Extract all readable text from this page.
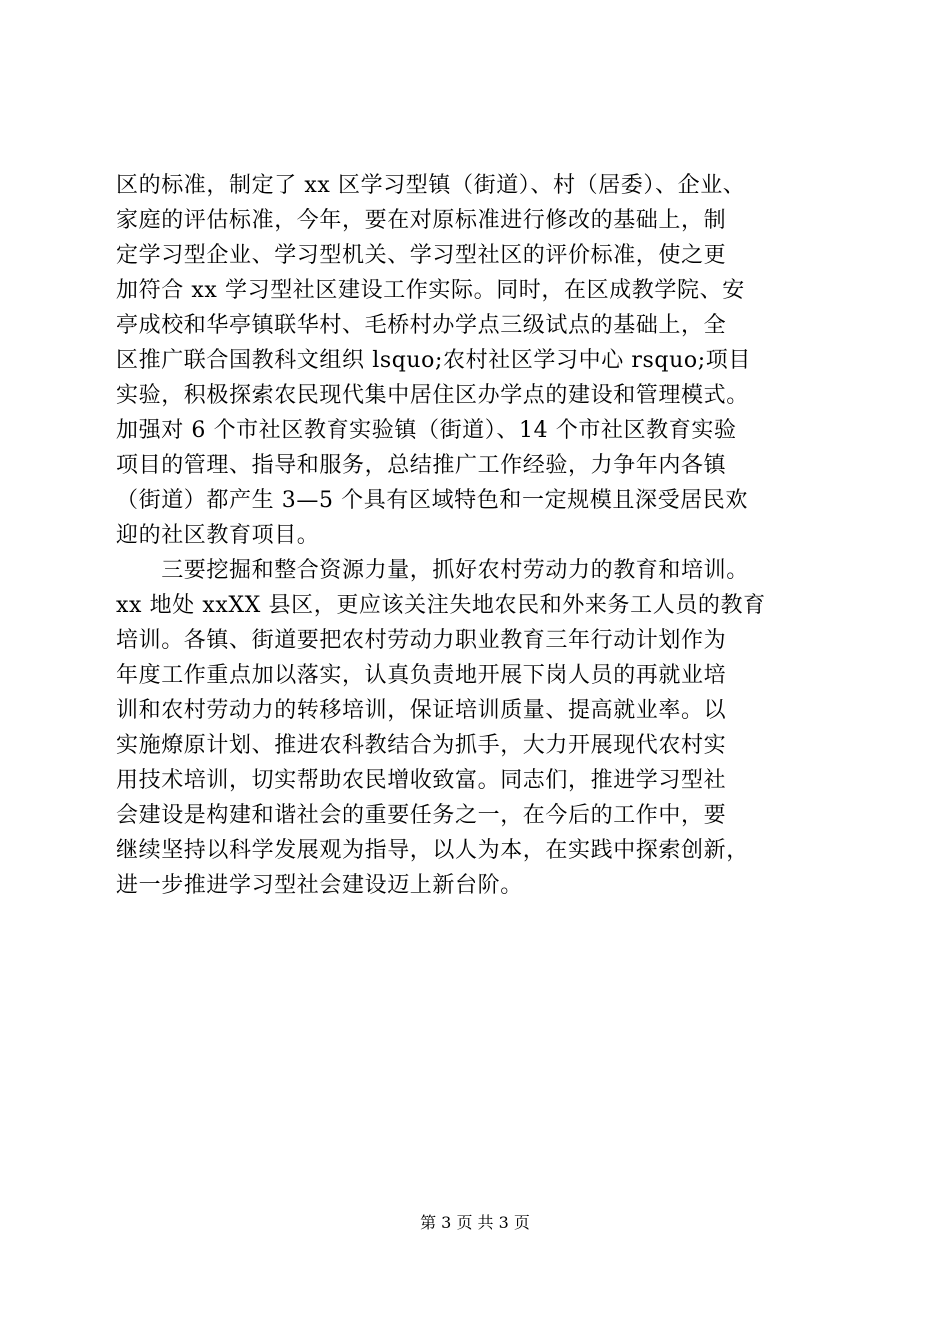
区的标准，制定了 xx 区学习型镇（街道）、村（居委）、企业、
家庭的评估标准，今年，要在对原标准进行修改的基础上，制
定学习型企业、学习型机关、学习型社区的评价标准，使之更
加符合 xx 学习型社区建设工作实际。同时，在区成教学院、安
亭成校和华亭镇联华村、毛桥村办学点三级试点的基础上，全
区推广联合国教科文组织 lsquo;农村社区学习中心 rsquo;项目
实验，积极探索农民现代集中居住区办学点的建设和管理模式。
加强对 6 个市社区教育实验镇（街道）、14 个市社区教育实验
项目的管理、指导和服务，总结推广工作经验，力争年内各镇
（街道）都产生 3—5 个具有区域特色和一定规模且深受居民欢
迎的社区教育项目。
　　三要挖掘和整合资源力量，抓好农村劳动力的教育和培训。
xx 地处 xxXX 县区，更应该关注失地农民和外来务工人员的教育
培训。各镇、街道要把农村劳动力职业教育三年行动计划作为
年度工作重点加以落实，认真负责地开展下岗人员的再就业培
训和农村劳动力的转移培训，保证培训质量、提高就业率。以
实施燎原计划、推进农科教结合为抓手，大力开展现代农村实
用技术培训，切实帮助农民增收致富。同志们，推进学习型社
会建设是构建和谐社会的重要任务之一，在今后的工作中，要
继续坚持以科学发展观为指导，以人为本，在实践中探索创新，
进一步推进学习型社会建设迈上新台阶。
第 3 页 共 3 页
